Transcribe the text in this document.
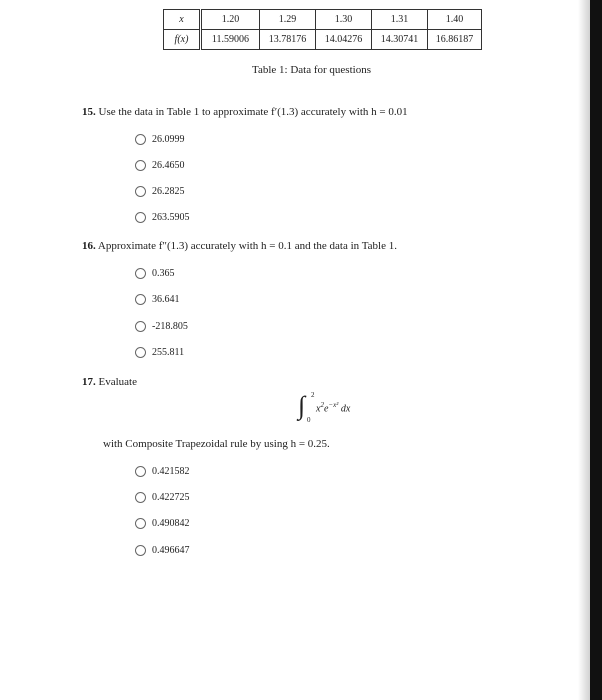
x	1.20	1.29	1.30	1.31	1.40
f(x)	11.59006	13.78176	14.04276	14.30741	16.86187
Table 1: Data for questions
15. Use the data in Table 1 to approximate f′(1.3) accurately with h = 0.01
26.0999
26.4650
26.2825
263.5905
16. Approximate f″(1.3) accurately with h = 0.1 and the data in Table 1.
0.365
36.641
-218.805
255.811
17. Evaluate
∫ 2
0
$x^2e^{-x^2}$ dx
with Composite Trapezoidal rule by using h = 0.25.
0.421582
0.422725
0.490842
0.496647
